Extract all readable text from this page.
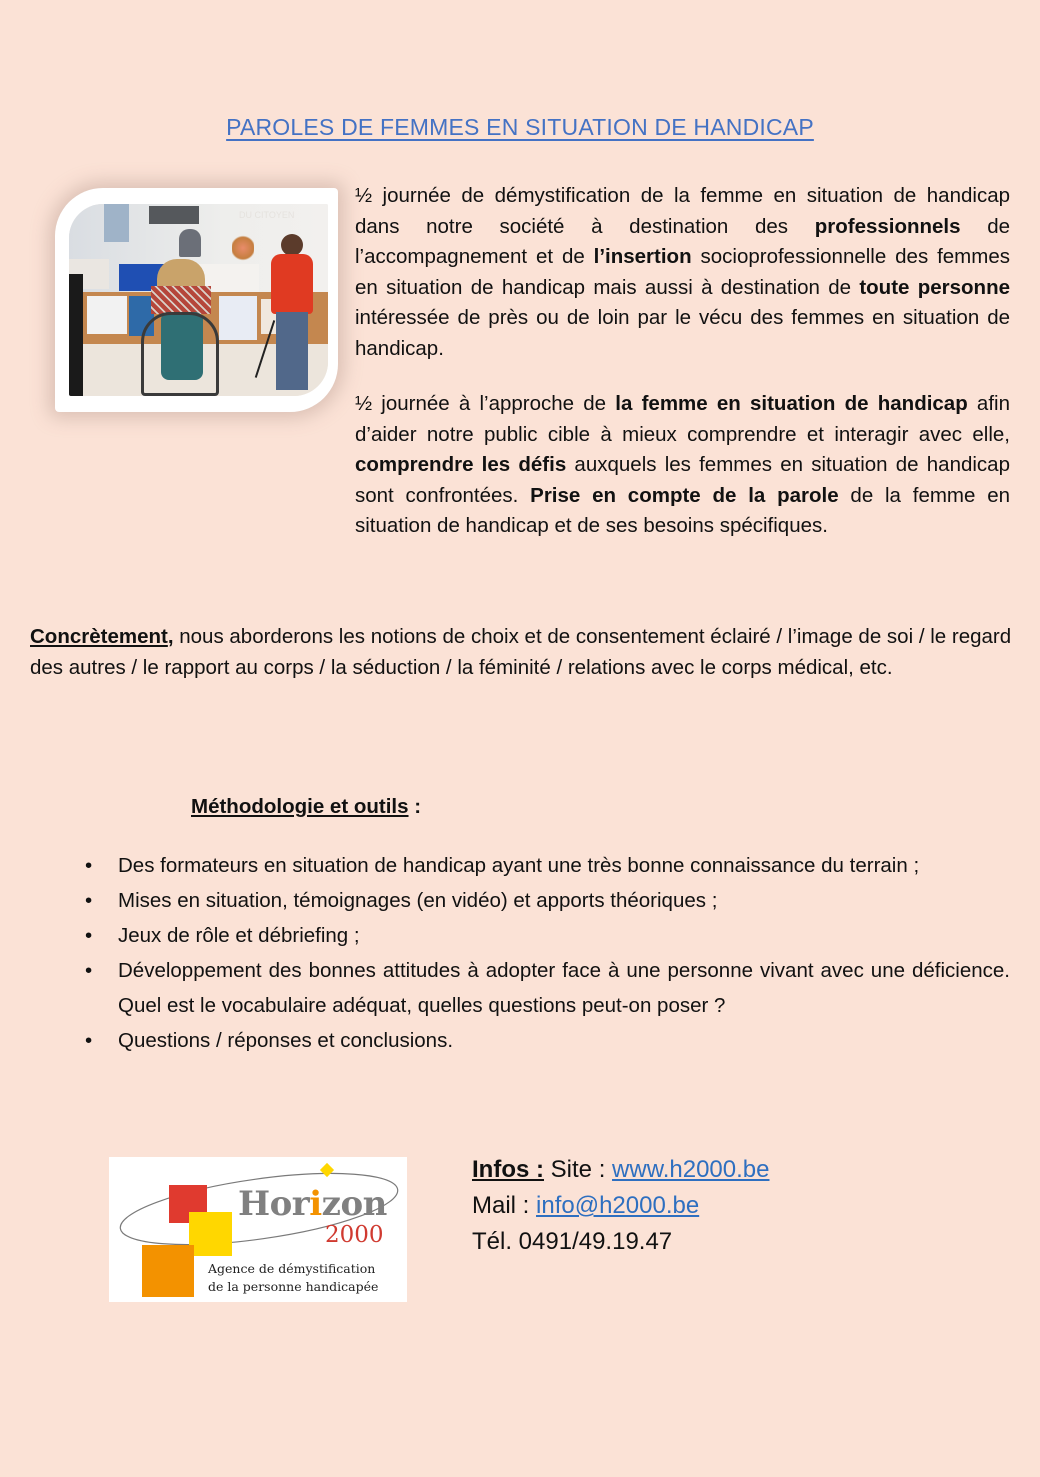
PAROLES DE FEMMES EN SITUATION DE HANDICAP
DU CITOYEN

½ journée de démystification de la femme en situation de handicap dans notre société à destination des professionnels de l’accompagnement et de l’insertion socioprofessionnelle des femmes en situation de handicap mais aussi à destination de toute personne intéressée de près ou de loin par le vécu des femmes en situation de handicap.

½ journée à l’approche de la femme en situation de handicap afin d’aider notre public cible à mieux comprendre et interagir avec elle, comprendre les défis auxquels les femmes en situation de handicap sont confrontées. Prise en compte de la parole de la femme en situation de handicap et de ses besoins spécifiques.

Concrètement, nous aborderons les notions de choix et de consentement éclairé / l’image de soi / le regard des autres / le rapport au corps / la séduction / la féminité / relations avec le corps médical, etc.

Méthodologie et outils :

• Des formateurs en situation de handicap ayant une très bonne connaissance du terrain ;
• Mises en situation, témoignages (en vidéo) et apports théoriques ;
• Jeux de rôle et débriefing ;
• Développement des bonnes attitudes à adopter face à une personne vivant avec une déficience. Quel est le vocabulaire adéquat, quelles questions peut-on poser ?
• Questions / réponses et conclusions.
Horizon
2000
Agence de démystification
de la personne handicapée
Infos : Site : www.h2000.be
Mail : info@h2000.be
Tél. 0491/49.19.47
